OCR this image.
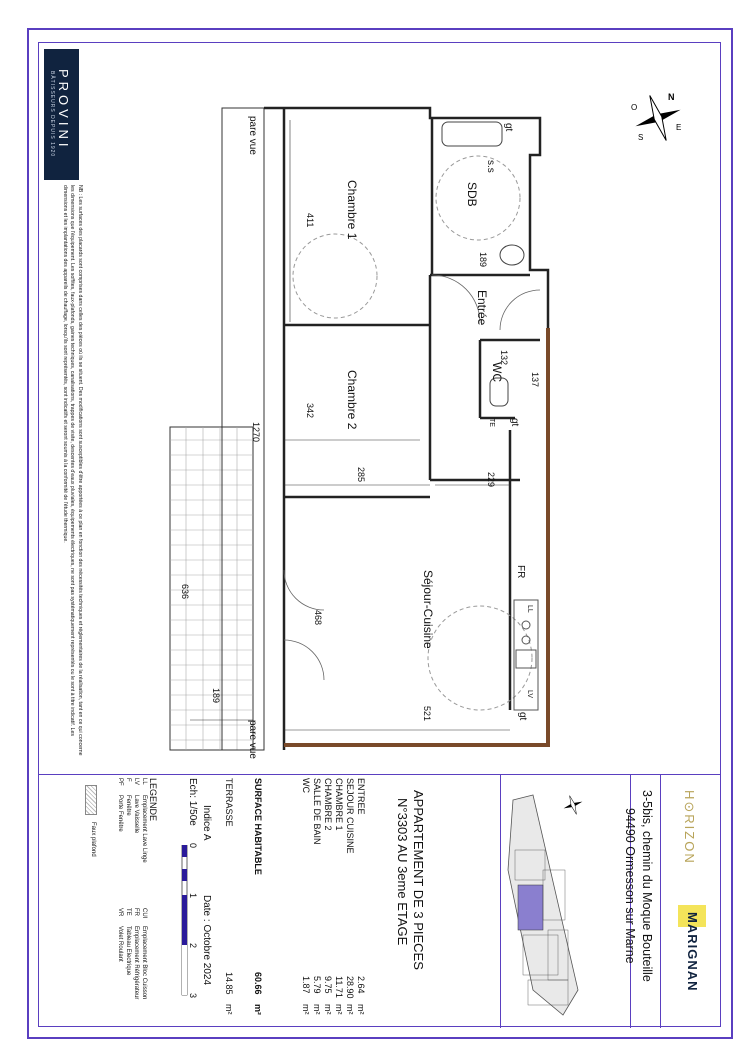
PROVINI
BÂTISSEURS DEPUIS 1920
NB : Les surfaces des placards sont comprises dans celles des pièces où ils se situent. Des modifications sont susceptibles d'être apportées à ce plan en fonction des nécessités techniques et réglementaires de la réalisation, tant en ce qui concerne les dimensions que l'équipement. Les soffites, faux-plafonds, gaines techniques, canalisations, trappes de visite, descentes d'eaux pluviales, équipements électriques, ne sont pas systématiquement représentés ou le sont à titre indicatif. Les dimensions et les implantations des appareils de chauffage, lorsqu'ils sont représentés, sont indicatifs et seront soumis à la conformité de l'étude thermique.	Chambre 1
Chambre 2
SDB
Entrée
WC
Séjour-Cuisine
pare vue
pare vue
gt
s.s
gt
gt
FR
LL
LV
TE
411
189
132
137
342
1270
285	229
636
468
189
521
N
E
S
O
H⊙RIZON
MARIGNAN
3-5bis, chemin du Moque Bouteille
94490 Ormesson sur Marne
APPARTEMENT DE 3 PIECES
N°3303 AU 3eme ETAGE
ENTREE
2.64
m²
SEJOUR CUISINE
28.90
m²
CHAMBRE 1
11.71
m²
CHAMBRE 2
9.75
m²
SALLE DE BAIN
5.79
m²
WC
1.87
m²
SURFACE HABITABLE
60.66
m²
TERRASSE
14.85
m²
Indice A
Date : Octobre 2024
Ech: 1/50e
0
1
2
3
LEGENDE
LL
Emplacement Lave Linge
LV
Lave Vaisselle
F
Fenêtre
PF
Porte Fenêtre
CUI
Emplacement Bloc Cuisson
FR
Emplacement Réfrigérateur
TE
Tableau Electrique
VR
Volet Roulant
Faux plafond
